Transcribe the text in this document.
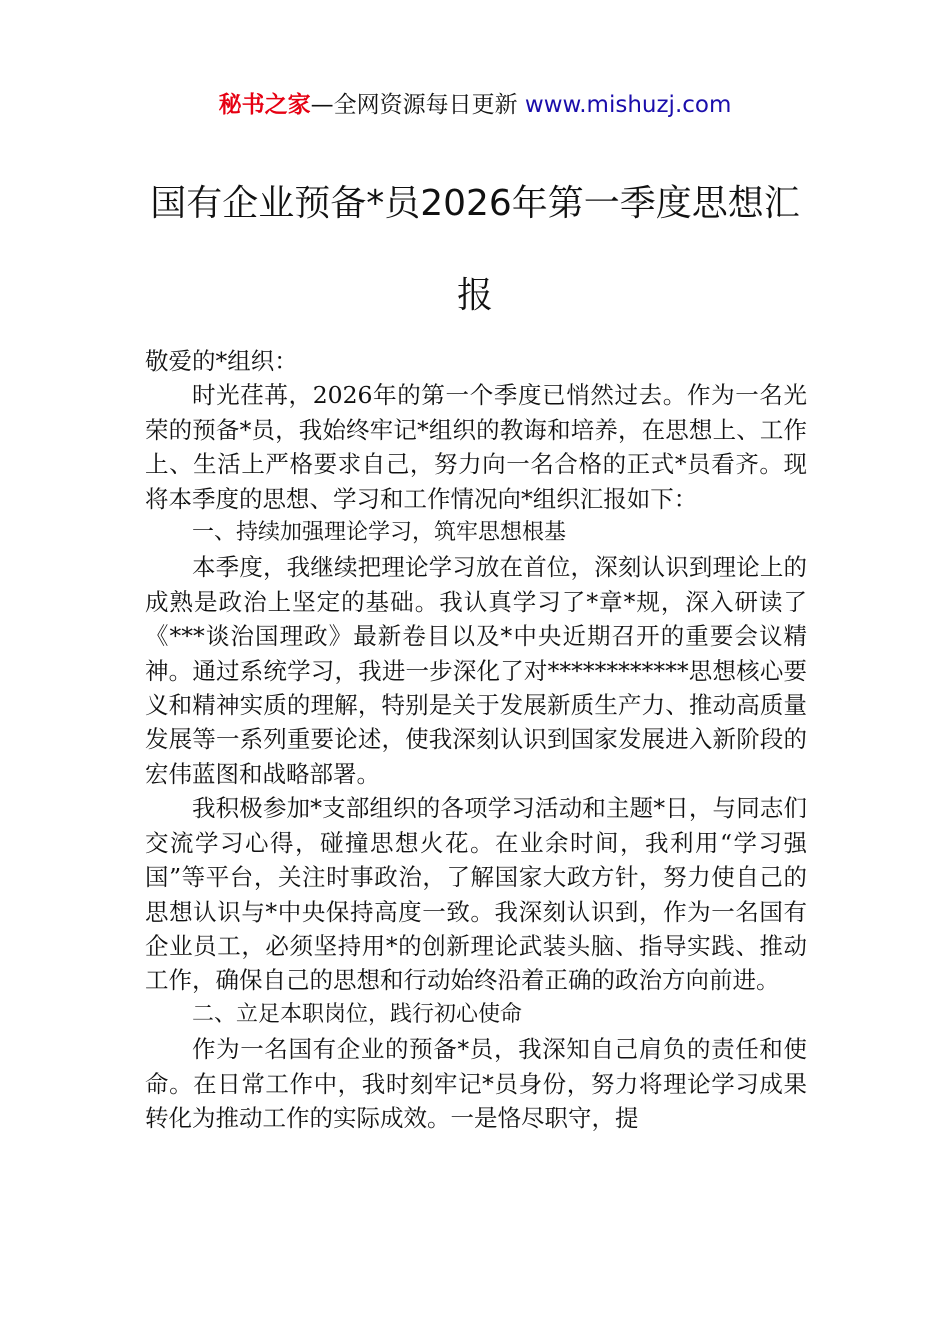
秘书之家—全网资源每日更新 www.mishuzj.com
国有企业预备*员2026年第一季度思想汇报

敬爱的*组织：

时光荏苒，2026年的第一个季度已悄然过去。作为一名光荣的预备*员，我始终牢记*组织的教诲和培养，在思想上、工作上、生活上严格要求自己，努力向一名合格的正式*员看齐。现将本季度的思想、学习和工作情况向*组织汇报如下：

一、持续加强理论学习，筑牢思想根基

本季度，我继续把理论学习放在首位，深刻认识到理论上的成熟是政治上坚定的基础。我认真学习了*章*规，深入研读了《***谈治国理政》最新卷目以及*中央近期召开的重要会议精神。通过系统学习，我进一步深化了对************思想核心要义和精神实质的理解，特别是关于发展新质生产力、推动高质量发展等一系列重要论述，使我深刻认识到国家发展进入新阶段的宏伟蓝图和战略部署。

我积极参加*支部组织的各项学习活动和主题*日，与同志们交流学习心得，碰撞思想火花。在业余时间，我利用“学习强国”等平台，关注时事政治，了解国家大政方针，努力使自己的思想认识与*中央保持高度一致。我深刻认识到，作为一名国有企业员工，必须坚持用*的创新理论武装头脑、指导实践、推动工作，确保自己的思想和行动始终沿着正确的政治方向前进。

二、立足本职岗位，践行初心使命

作为一名国有企业的预备*员，我深知自己肩负的责任和使命。在日常工作中，我时刻牢记*员身份，努力将理论学习成果转化为推动工作的实际成效。一是恪尽职守，提
